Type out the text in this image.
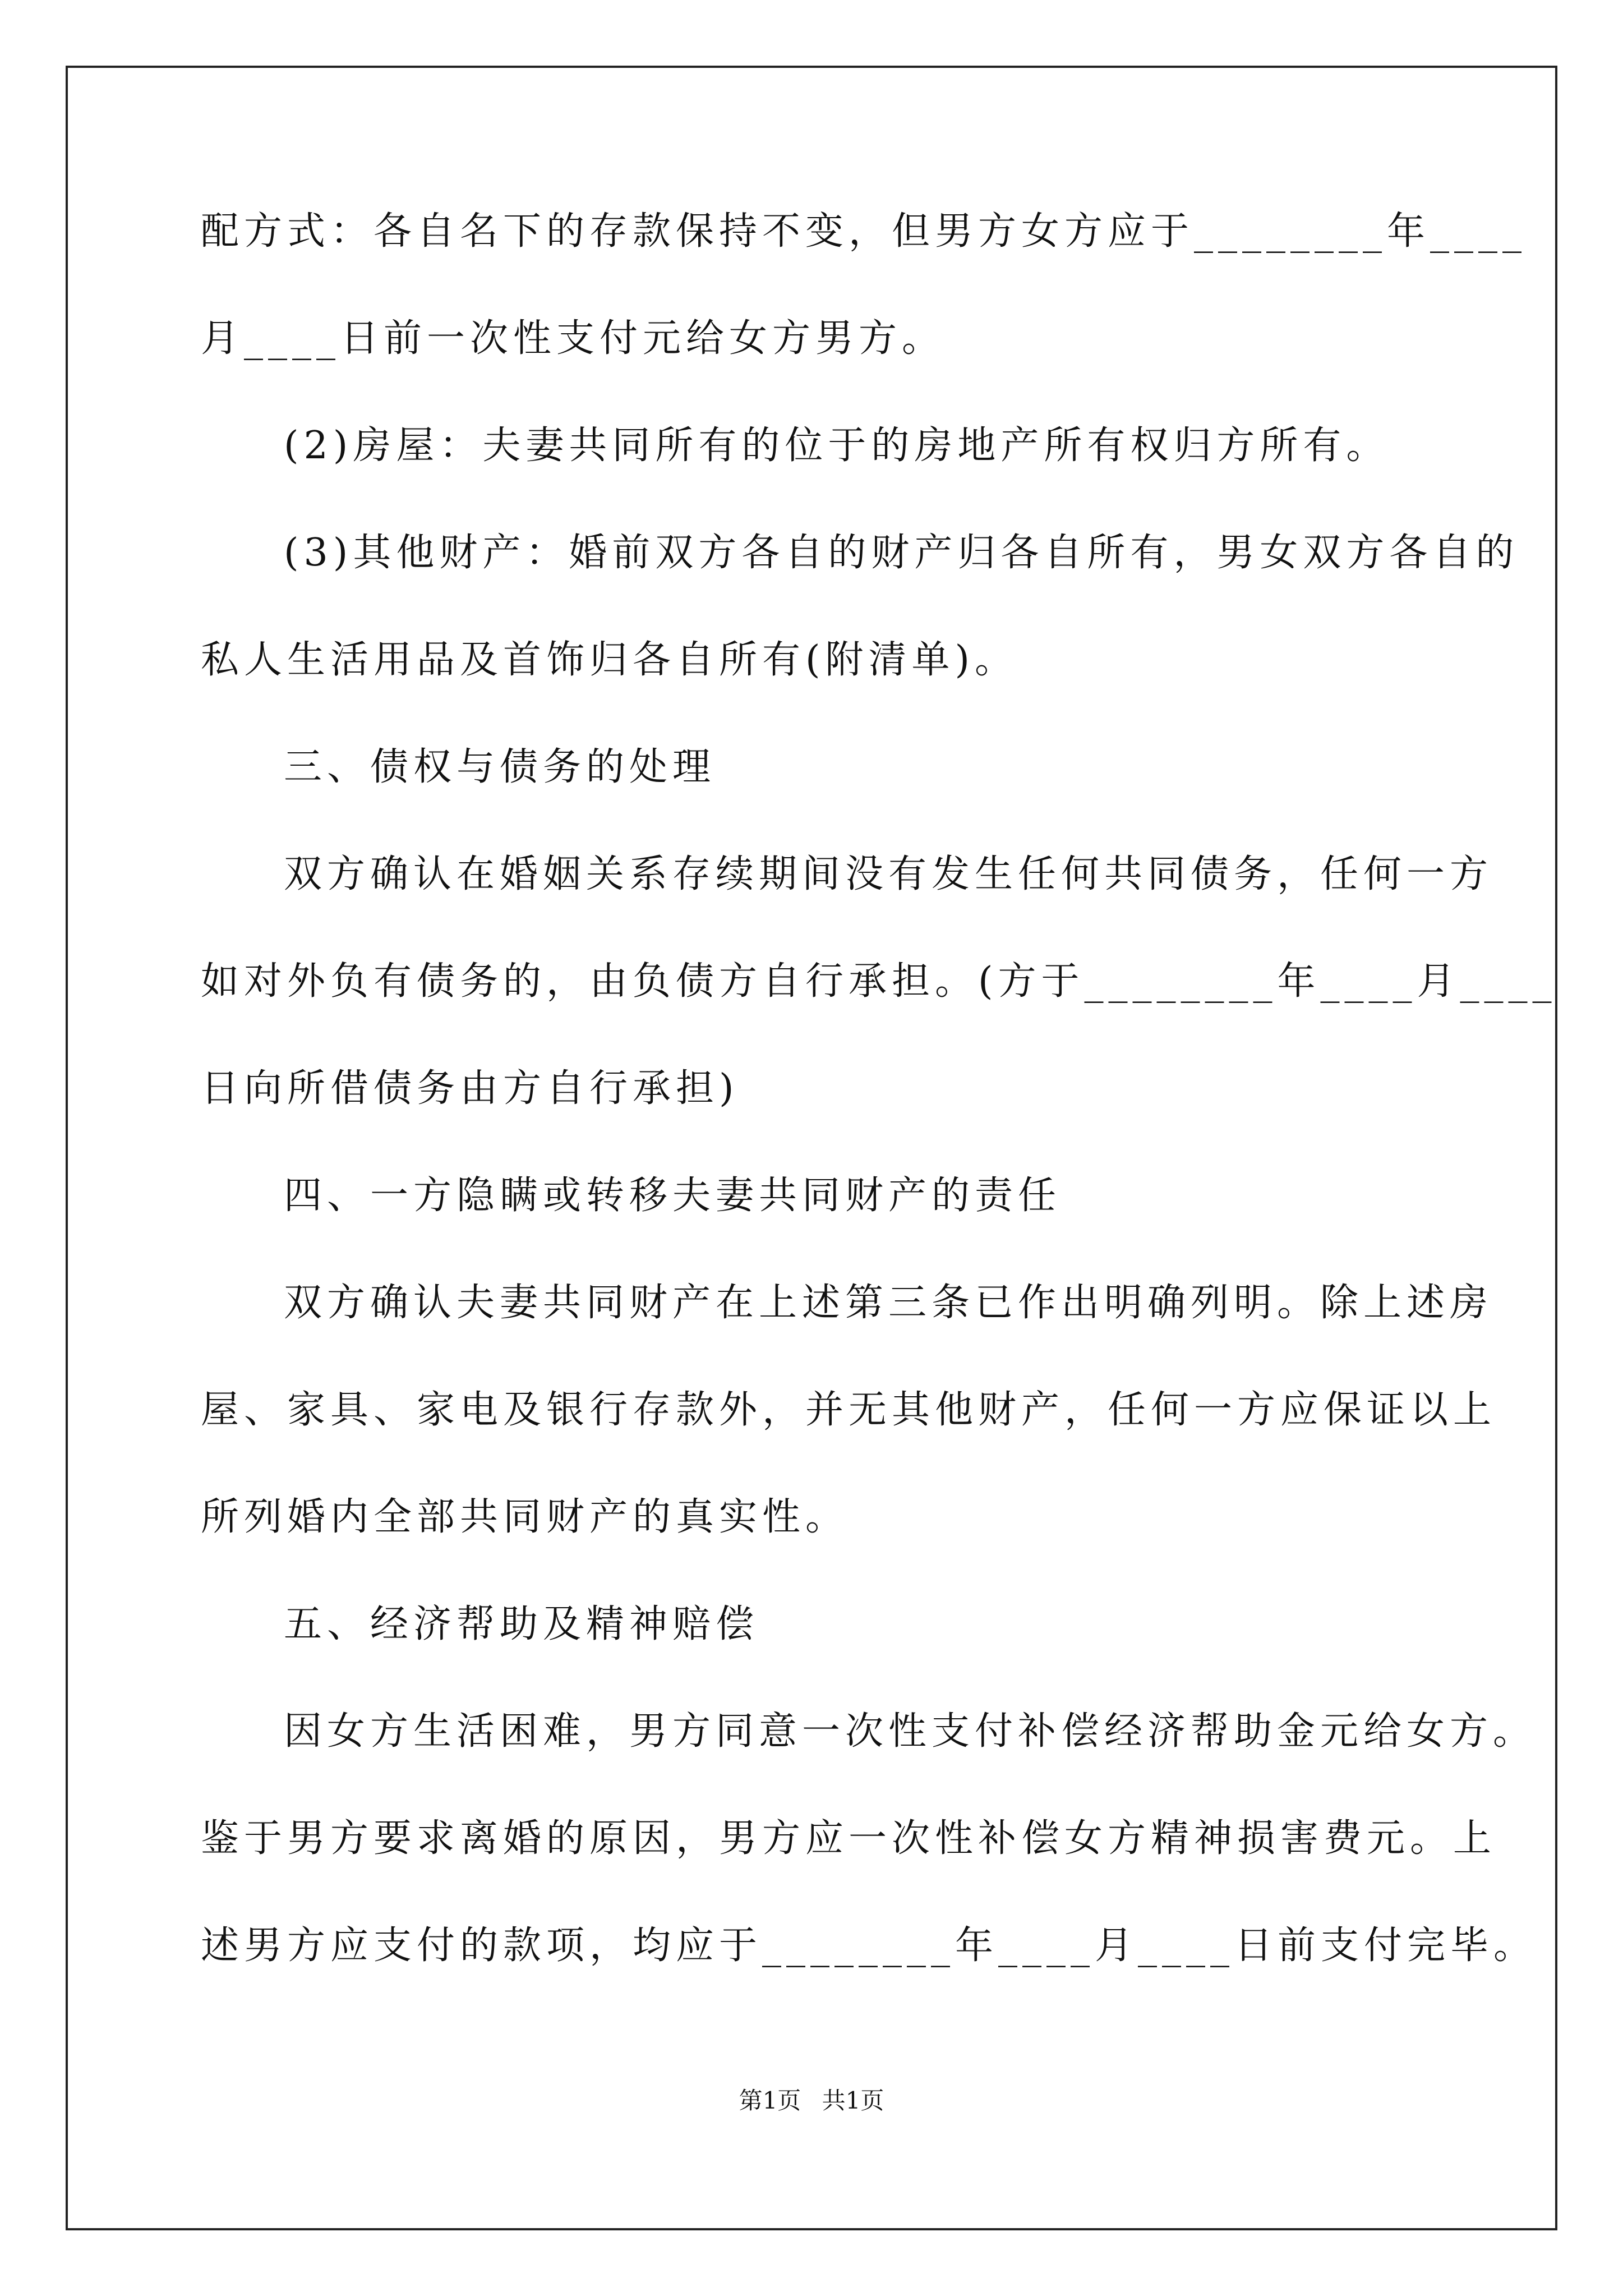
配方式：各自名下的存款保持不变，但男方女方应于________年____
月____日前一次性支付元给女方男方。
(2)房屋：夫妻共同所有的位于的房地产所有权归方所有。
(3)其他财产：婚前双方各自的财产归各自所有，男女双方各自的
私人生活用品及首饰归各自所有(附清单)。
三、债权与债务的处理
双方确认在婚姻关系存续期间没有发生任何共同债务，任何一方
如对外负有债务的，由负债方自行承担。(方于________年____月____
日向所借债务由方自行承担)
四、一方隐瞒或转移夫妻共同财产的责任
双方确认夫妻共同财产在上述第三条已作出明确列明。除上述房
屋、家具、家电及银行存款外，并无其他财产，任何一方应保证以上
所列婚内全部共同财产的真实性。
五、经济帮助及精神赔偿
因女方生活困难，男方同意一次性支付补偿经济帮助金元给女方。
鉴于男方要求离婚的原因，男方应一次性补偿女方精神损害费元。上
述男方应支付的款项，均应于________年____月____日前支付完毕。
第1页 共1页
